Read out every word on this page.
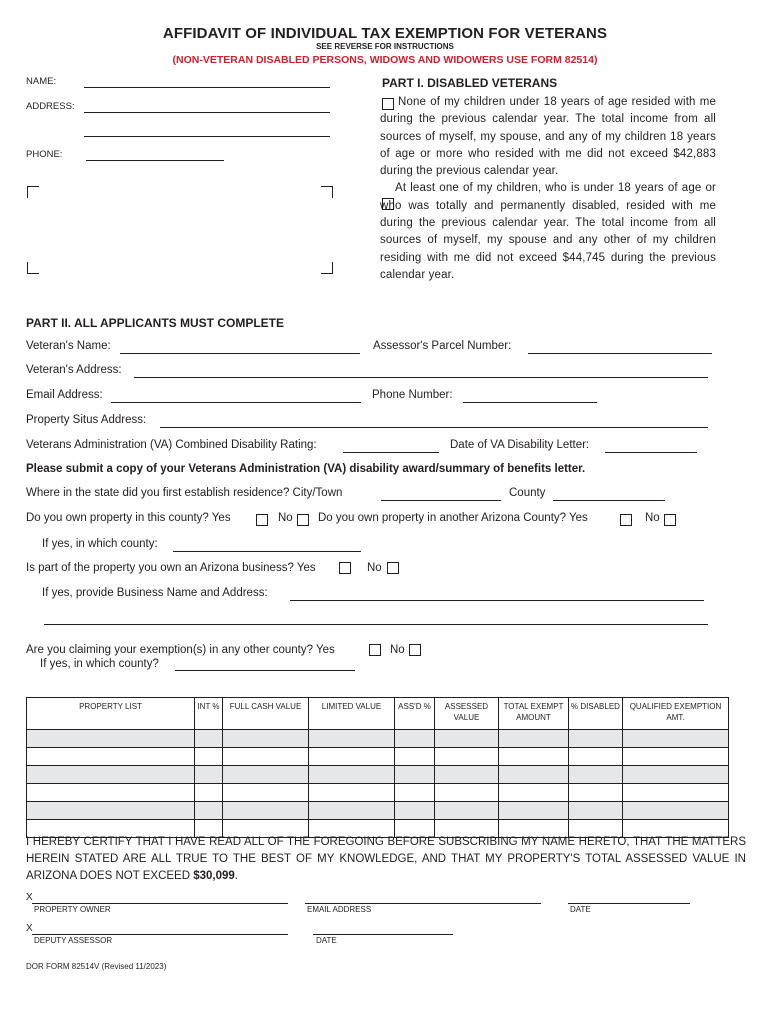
AFFIDAVIT OF INDIVIDUAL TAX EXEMPTION FOR VETERANS
SEE REVERSE FOR INSTRUCTIONS
(NON-VETERAN DISABLED PERSONS, WIDOWS AND WIDOWERS USE FORM 82514)
NAME:
ADDRESS:
PHONE:
PART I. DISABLED VETERANS

None of my children under 18 years of age resided with me during the previous calendar year. The total income from all sources of myself, my spouse, and any of my children 18 years of age or more who resided with me did not exceed $42,883 during the previous calendar year.

At least one of my children, who is under 18 years of age or who was totally and permanently disabled, resided with me during the previous calendar year. The total income from all sources of myself, my spouse and any other of my children residing with me did not exceed $44,745 during the previous calendar year.

PART II. ALL APPLICANTS MUST COMPLETE
Veteran's Name:	Assessor's Parcel Number:
Veteran's Address:
Email Address:	Phone Number:
Property Situs Address:
Veterans Administration (VA) Combined Disability Rating:	Date of VA Disability Letter:
Please submit a copy of your Veterans Administration (VA) disability award/summary of benefits letter.
Where in the state did you first establish residence? City/Town	County
Do you own property in this county? Yes	No Do you own property in another Arizona County? Yes	No
If yes, in which county:
Is part of the property you own an Arizona business? Yes	No
If yes, provide Business Name and Address:
Are you claiming your exemption(s) in any other county? Yes	No
If yes, in which county?
PROPERTY LIST	INT %	FULL CASH VALUE	LIMITED VALUE	ASS'D %	ASSESSED VALUE	TOTAL EXEMPT AMOUNT	% DISABLED	QUALIFIED EXEMPTION AMT.

I HEREBY CERTIFY THAT I HAVE READ ALL OF THE FOREGOING BEFORE SUBSCRIBING MY NAME HERETO, THAT THE MATTERS HEREIN STATED ARE ALL TRUE TO THE BEST OF MY KNOWLEDGE, AND THAT MY PROPERTY'S TOTAL ASSESSED VALUE IN ARIZONA DOES NOT EXCEED $30,099.
X
PROPERTY OWNER	EMAIL ADDRESS	DATE
X
DEPUTY ASSESSOR	DATE
DOR FORM 82514V (Revised 11/2023)
